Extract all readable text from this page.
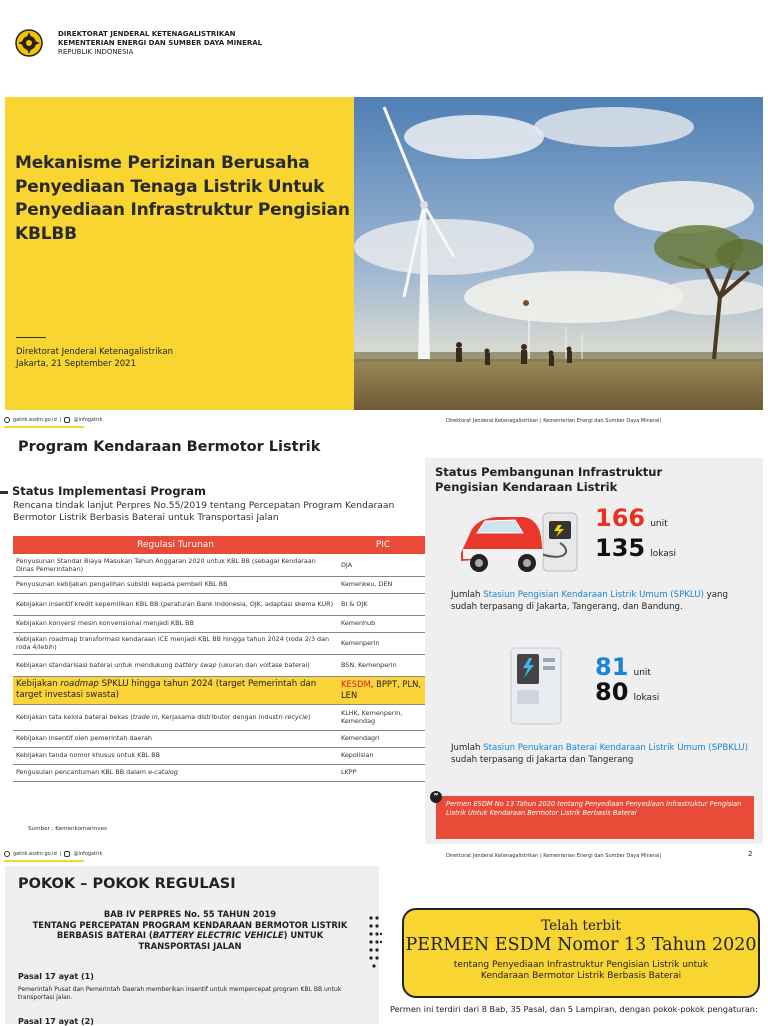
DIREKTORAT JENDERAL KETENAGALISTRIKAN
KEMENTERIAN ENERGI DAN SUMBER DAYA MINERAL
REPUBLIK INDONESIA
Mekanisme Perizinan Berusaha
Penyediaan Tenaga Listrik Untuk
Penyediaan Infrastruktur Pengisian
KBLBB
Direktorat Jenderal Ketenagalistrikan
Jakarta, 21 September 2021
gatrik.esdm.go.id | @infogatrik	Direktorat Jenderal Ketenagalistrikan | Kementerian Energi dan Sumber Daya Mineral|
Program Kendaraan Bermotor Listrik
Status Implementasi Program
Rencana tindak lanjut Perpres No.55/2019 tentang Percepatan Program Kendaraan Bermotor Listrik Berbasis Baterai untuk Transportasi Jalan
Regulasi Turunan	PIC
Penyusunan Standar Biaya Masukan Tahun Anggaran 2020 untuk KBL BB (sebagai Kendaraan Dinas Pemerintahan)	DJA
Penyusunan kebijakan pengalihan subsidi kepada pembeli KBL BB	Kemenkeu, DEN
Kebijakan insentif kredit kepemilikan KBL BB (peraturan Bank Indonesia, OJK, adaptasi skema KUR)	BI & OJK
Kebijakan konversi mesin konvensional menjadi KBL BB	Kemenhub
Kebijakan roadmap transformasi kendaraan ICE menjadi KBL BB hingga tahun 2024 (roda 2/3 dan roda 4/lebih)	Kemenperin
Kebijakan standarisasi baterai untuk mendukung battery swap (ukuran dan voltase baterai)	BSN, Kemenperin
Kebijakan roadmap SPKLU hingga tahun 2024 (target Pemerintah dan target investasi swasta)	KESDM, BPPT, PLN, LEN
Kebijakan tata kelola baterai bekas (trade in, Kerjasama distributor dengan industri recycle)	KLHK, Kemenperin, Kemendag
Kebijakan insentif oleh pemerintah daerah	Kemendagri
Kebijakan tanda nomor khusus untuk KBL BB	Kepolisian
Pengusulan pencantuman KBL BB dalam e-catalog	LKPP
Sumber : Kemenkomarinves
Status Pembangunan Infrastruktur
Pengisian Kendaraan Listrik
166 unit
135 lokasi
Jumlah Stasiun Pengisian Kendaraan Listrik Umum (SPKLU) yang sudah terpasang di Jakarta, Tangerang, dan Bandung.
81 unit
80 lokasi
Jumlah Stasiun Penukaran Baterai Kendaraan Listrik Umum (SPBKLU) sudah terpasang di Jakarta dan Tangerang
”
Permen ESDM No 13 Tahun 2020 tentang Penyediaan Penyediaan Infrastruktur Pengisian Listrik Untuk Kendaraan Bermotor Listrik Berbasis Baterai
gatrik.esdm.go.id | @infogatrik	Direktorat Jenderal Ketenagalistrikan | Kementerian Energi dan Sumber Daya Mineral|	2
POKOK – POKOK REGULASI
BAB IV PERPRES No. 55 TAHUN 2019
TENTANG PERCEPATAN PROGRAM KENDARAAN BERMOTOR LISTRIK
BERBASIS BATERAI (BATTERY ELECTRIC VEHICLE) UNTUK
TRANSPORTASI JALAN
Pasal 17 ayat (1)
Pemerintah Pusat dan Pemerintah Daerah memberikan insentif untuk mempercepat program KBL BB untuk transportasi jalan.
Pasal 17 ayat (2)
Telah terbit
PERMEN ESDM Nomor 13 Tahun 2020
tentang Penyediaan Infrastruktur Pengisian Listrik untuk
Kendaraan Bermotor Listrik Berbasis Baterai
Permen ini terdiri dari 8 Bab, 35 Pasal, dan 5 Lampiran, dengan pokok-pokok pengaturan:
